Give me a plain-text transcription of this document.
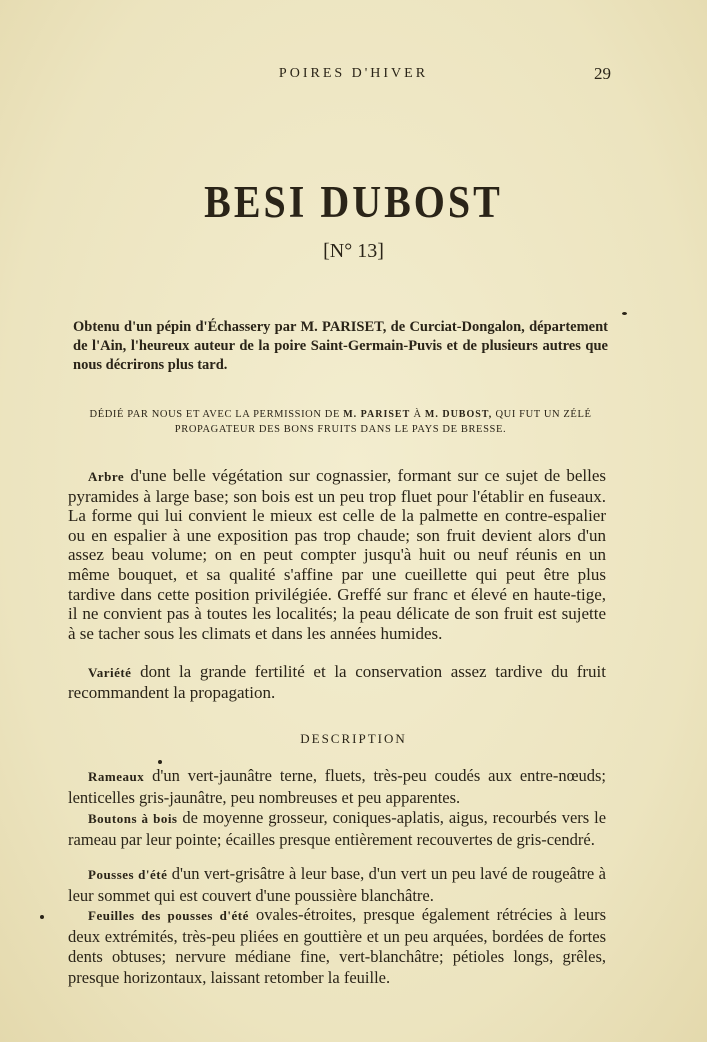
POIRES D'HIVER	29
BESI DUBOST
[N° 13]
Obtenu d'un pépin d'Échassery par M. PARISET, de Curciat-Dongalon, département de l'Ain, l'heureux auteur de la poire Saint-Germain-Puvis et de plusieurs autres que nous décrirons plus tard.
DÉDIÉ PAR NOUS ET AVEC LA PERMISSION DE M. PARISET À M. DUBOST, QUI FUT UN ZÉLÉ PROPAGATEUR DES BONS FRUITS DANS LE PAYS DE BRESSE.
Arbre d'une belle végétation sur cognassier, formant sur ce sujet de belles pyramides à large base; son bois est un peu trop fluet pour l'établir en fuseaux. La forme qui lui convient le mieux est celle de la palmette en contre-espalier ou en espalier à une exposition pas trop chaude; son fruit devient alors d'un assez beau volume; on en peut compter jusqu'à huit ou neuf réunis en un même bouquet, et sa qualité s'affine par une cueillette qui peut être plus tardive dans cette position privilégiée. Greffé sur franc et élevé en haute-tige, il ne convient pas à toutes les localités; la peau délicate de son fruit est sujette à se tacher sous les climats et dans les années humides.
Variété dont la grande fertilité et la conservation assez tardive du fruit recommandent la propagation.
DESCRIPTION
Rameaux d'un vert-jaunâtre terne, fluets, très-peu coudés aux entre-nœuds; lenticelles gris-jaunâtre, peu nombreuses et peu apparentes.
Boutons à bois de moyenne grosseur, coniques-aplatis, aigus, recourbés vers le rameau par leur pointe; écailles presque entièrement recouvertes de gris-cendré.
Pousses d'été d'un vert-grisâtre à leur base, d'un vert un peu lavé de rougeâtre à leur sommet qui est couvert d'une poussière blanchâtre.
Feuilles des pousses d'été ovales-étroites, presque également rétrécies à leurs deux extrémités, très-peu pliées en gouttière et un peu arquées, bordées de fortes dents obtuses; nervure médiane fine, vert-blanchâtre; pétioles longs, grêles, presque horizontaux, laissant retomber la feuille.
